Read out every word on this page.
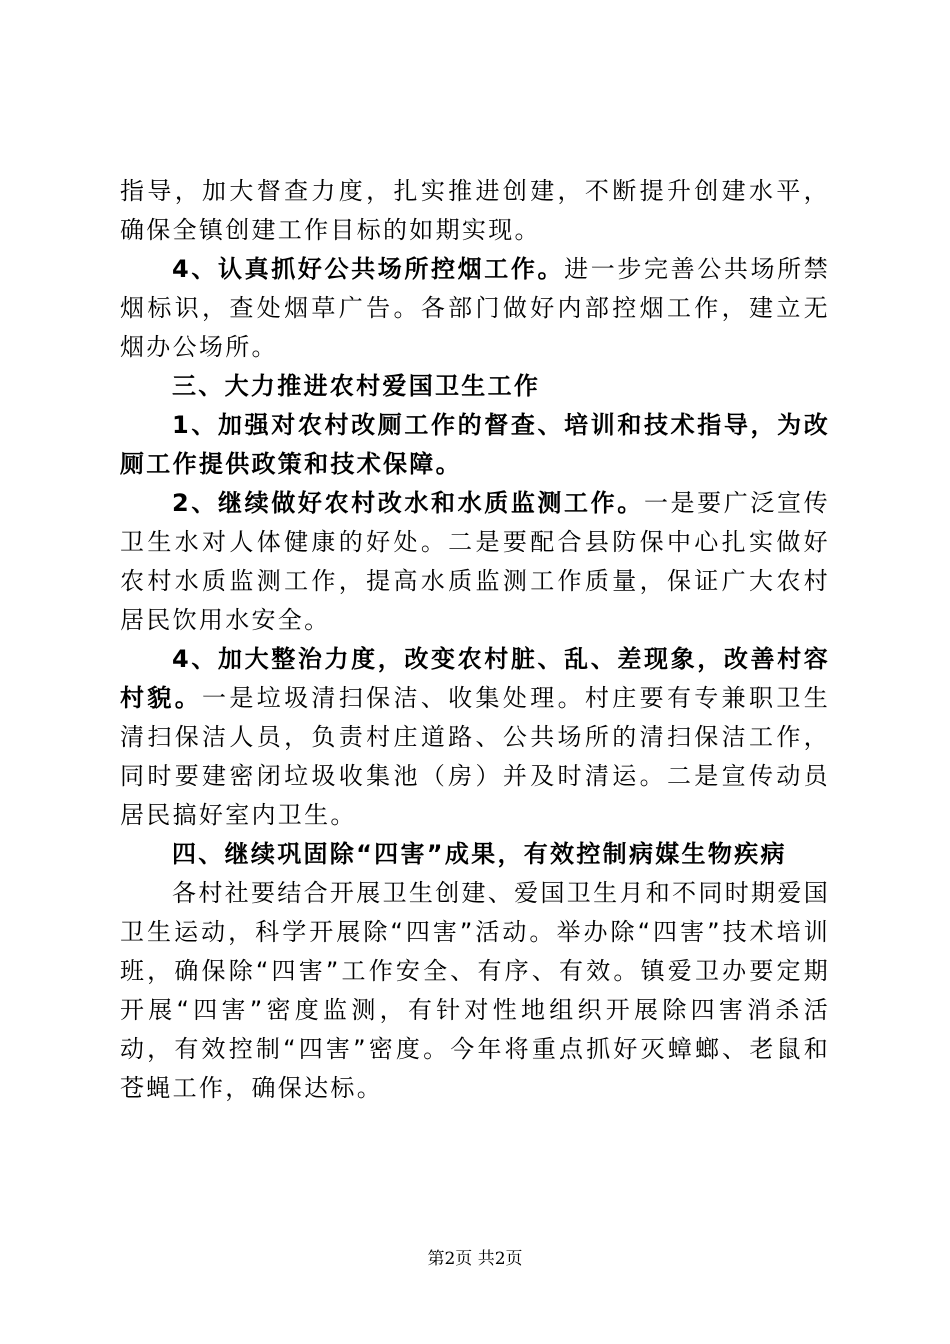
指导，加大督查力度，扎实推进创建，不断提升创建水平，确保全镇创建工作目标的如期实现。

4、认真抓好公共场所控烟工作。进一步完善公共场所禁烟标识，查处烟草广告。各部门做好内部控烟工作，建立无烟办公场所。

三、大力推进农村爱国卫生工作

1、加强对农村改厕工作的督查、培训和技术指导，为改厕工作提供政策和技术保障。

2、继续做好农村改水和水质监测工作。一是要广泛宣传卫生水对人体健康的好处。二是要配合县防保中心扎实做好农村水质监测工作，提高水质监测工作质量，保证广大农村居民饮用水安全。

4、加大整治力度，改变农村脏、乱、差现象，改善村容村貌。一是垃圾清扫保洁、收集处理。村庄要有专兼职卫生清扫保洁人员，负责村庄道路、公共场所的清扫保洁工作，同时要建密闭垃圾收集池（房）并及时清运。二是宣传动员居民搞好室内卫生。

四、继续巩固除“四害”成果，有效控制病媒生物疾病

各村社要结合开展卫生创建、爱国卫生月和不同时期爱国卫生运动，科学开展除“四害”活动。举办除“四害”技术培训班，确保除“四害”工作安全、有序、有效。镇爱卫办要定期开展“四害”密度监测，有针对性地组织开展除四害消杀活动，有效控制“四害”密度。今年将重点抓好灭蟑螂、老鼠和苍蝇工作，确保达标。

第2页 共2页
